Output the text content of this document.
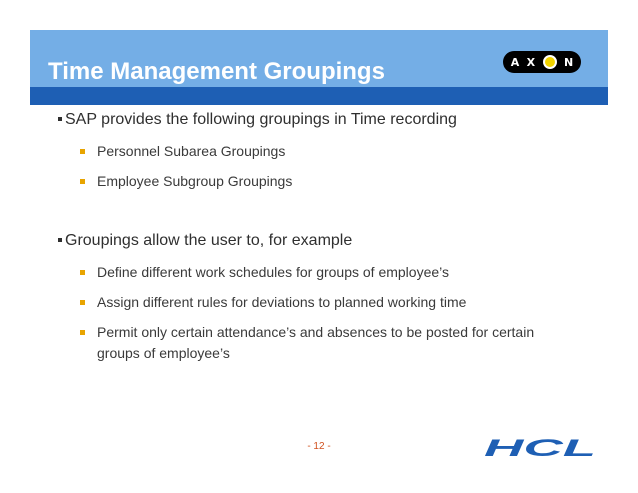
Time Management Groupings	A X	N
SAP provides the following groupings in Time recording
Personnel Subarea Groupings
Employee Subgroup Groupings
Groupings allow the user to, for example
Define different work schedules for groups of employee’s
Assign different rules for deviations to planned working time
Permit only certain attendance’s and absences to be posted for certain groups of employee’s
- 12 -	HCL
